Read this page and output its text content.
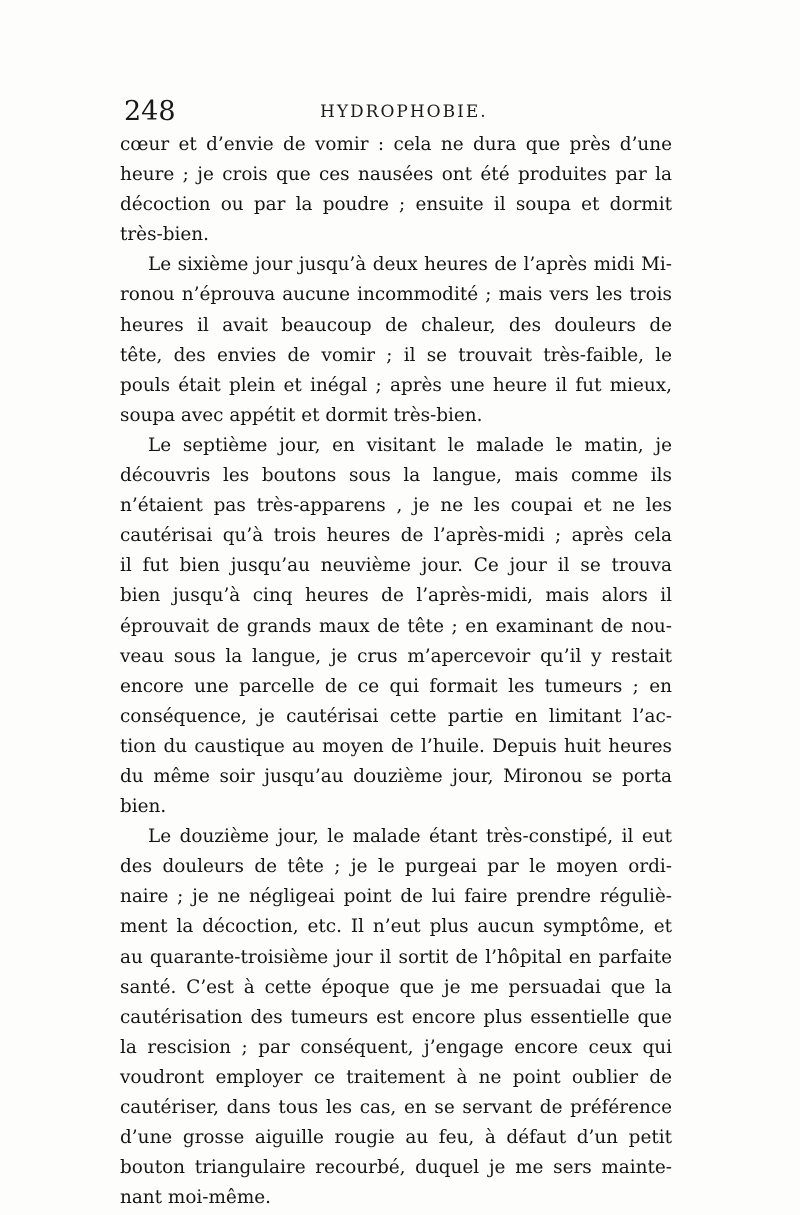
248	HYDROPHOBIE.
cœur et d’envie de vomir : cela ne dura que près d’une
heure ; je crois que ces nausées ont été produites par la
décoction ou par la poudre ; ensuite il soupa et dormit
très-bien.
Le sixième jour jusqu’à deux heures de l’après midi Mi-
ronou n’éprouva aucune incommodité ; mais vers les trois
heures il avait beaucoup de chaleur, des douleurs de
tête, des envies de vomir ; il se trouvait très-faible, le
pouls était plein et inégal ; après une heure il fut mieux,
soupa avec appétit et dormit très-bien.
Le septième jour, en visitant le malade le matin, je
découvris les boutons sous la langue, mais comme ils
n’étaient pas très-apparens , je ne les coupai et ne les
cautérisai qu’à trois heures de l’après-midi ; après cela
il fut bien jusqu’au neuvième jour. Ce jour il se trouva
bien jusqu’à cinq heures de l’après-midi, mais alors il
éprouvait de grands maux de tête ; en examinant de nou-
veau sous la langue, je crus m’apercevoir qu’il y restait
encore une parcelle de ce qui formait les tumeurs ; en
conséquence, je cautérisai cette partie en limitant l’ac-
tion du caustique au moyen de l’huile. Depuis huit heures
du même soir jusqu’au douzième jour, Mironou se porta
bien.
Le douzième jour, le malade étant très-constipé, il eut
des douleurs de tête ; je le purgeai par le moyen ordi-
naire ; je ne négligeai point de lui faire prendre réguliè-
ment la décoction, etc. Il n’eut plus aucun symptôme, et
au quarante-troisième jour il sortit de l’hôpital en parfaite
santé. C’est à cette époque que je me persuadai que la
cautérisation des tumeurs est encore plus essentielle que
la rescision ; par conséquent, j’engage encore ceux qui
voudront employer ce traitement à ne point oublier de
cautériser, dans tous les cas, en se servant de préférence
d’une grosse aiguille rougie au feu, à défaut d’un petit
bouton triangulaire recourbé, duquel je me sers mainte-
nant moi-même.
